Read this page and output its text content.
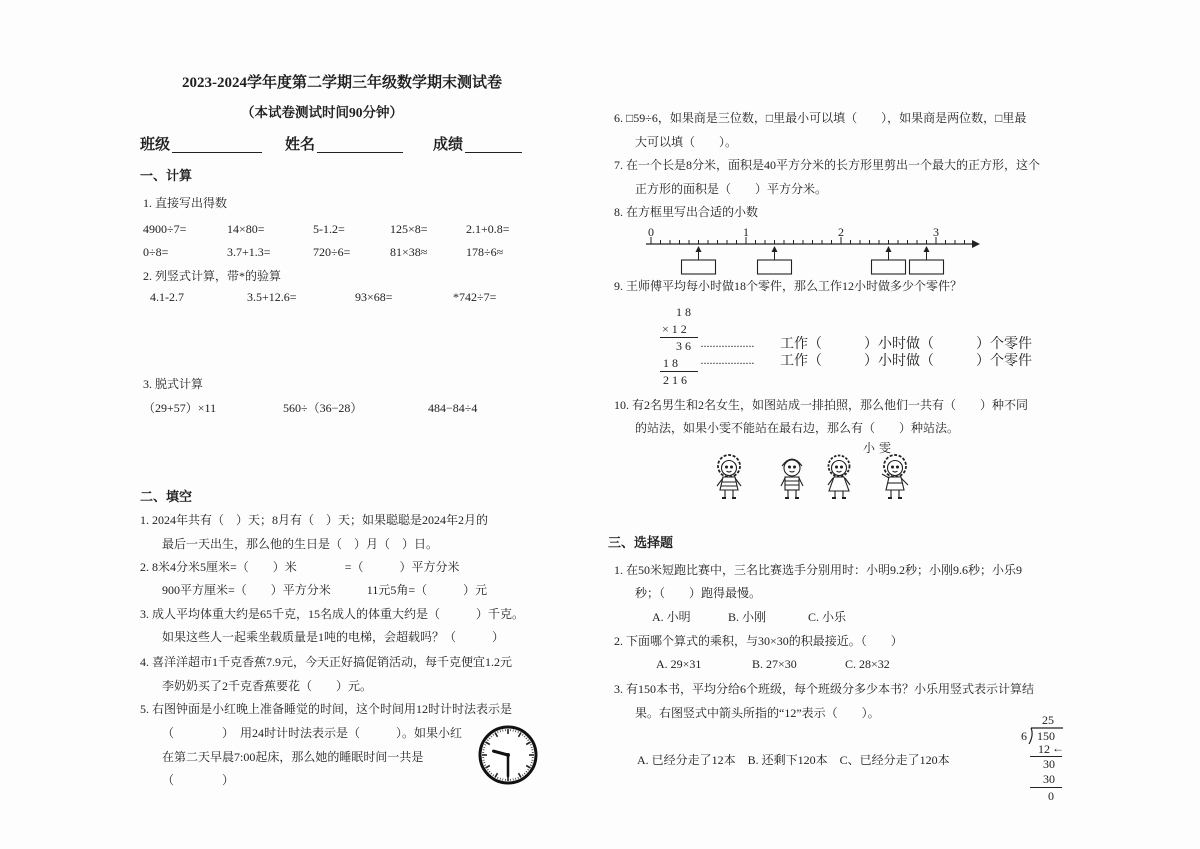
2023-2024学年度第二学期三年级数学期末测试卷
（本试卷测试时间90分钟）
班级	姓名	成绩
一、计算
1. 直接写出得数
4900÷7=	14×80=	5-1.2=	125×8=	2.1+0.8=
0÷8=	3.7+1.3=	720÷6=	81×38≈	178÷6≈
2. 列竖式计算，带*的验算
4.1-2.7	3.5+12.6=	93×68=	*742÷7=
3. 脱式计算
（29+57）×11	560÷（36−28）	484−84÷4
二、填空
1. 2024年共有（　）天；8月有（　）天；如果聪聪是2024年2月的
最后一天出生，那么他的生日是（　）月（　）日。
2. 8米4分米5厘米=（　　）米　　　　=（　　　）平方分米
900平方厘米=（　　）平方分米　　　11元5角=（　　　）元
3. 成人平均体重大约是65千克，15名成人的体重大约是（　　　）千克。
如果这些人一起乘坐载质量是1吨的电梯，会超载吗？（　　　）
4. 喜洋洋超市1千克香蕉7.9元，今天正好搞促销活动，每千克便宜1.2元
李奶奶买了2千克香蕉要花（　　）元。
5. 右图钟面是小红晚上准备睡觉的时间，这个时间用12时计时法表示是
（　　　　）　用24时计时法表示是（　　　）。如果小红
在第二天早晨7:00起床，那么她的睡眠时间一共是
（　　　　）
6. □59÷6，如果商是三位数，□里最小可以填（　　），如果商是两位数，□里最
大可以填（　　）。
7. 在一个长是8分米，面积是40平方分米的长方形里剪出一个最大的正方形，这个
正方形的面积是（　　）平方分米。
8. 在方框里写出合适的小数
0	1	2	3
9. 王师傅平均每小时做18个零件，那么工作12小时做多少个零件？
1 8
× 1 2
3 6 ·················· 工作（　　　）小时做（　　　）个零件
1 8 ·················· 工作（　　　）小时做（　　　）个零件
2 1 6
10. 有2名男生和2名女生，如图站成一排拍照，那么他们一共有（　　）种不同
的站法，如果小雯不能站在最右边，那么有（　　）种站法。
小雯
三、选择题
1. 在50米短跑比赛中，三名比赛选手分别用时：小明9.2秒；小刚9.6秒；小乐9
秒；（　　）跑得最慢。
A. 小明	B. 小刚	C. 小乐
2. 下面哪个算式的乘积，与30×30的积最接近。（　　）
A. 29×31	B. 27×30	C. 28×32
3. 有150本书，平均分给6个班级，每个班级分多少本书？小乐用竖式表示计算结
果。右图竖式中箭头所指的“12”表示（　　）。
A. 已经分走了12本　B. 还剩下120本　C、已经分走了120本
25
6 150
12 ←
30
30
0
